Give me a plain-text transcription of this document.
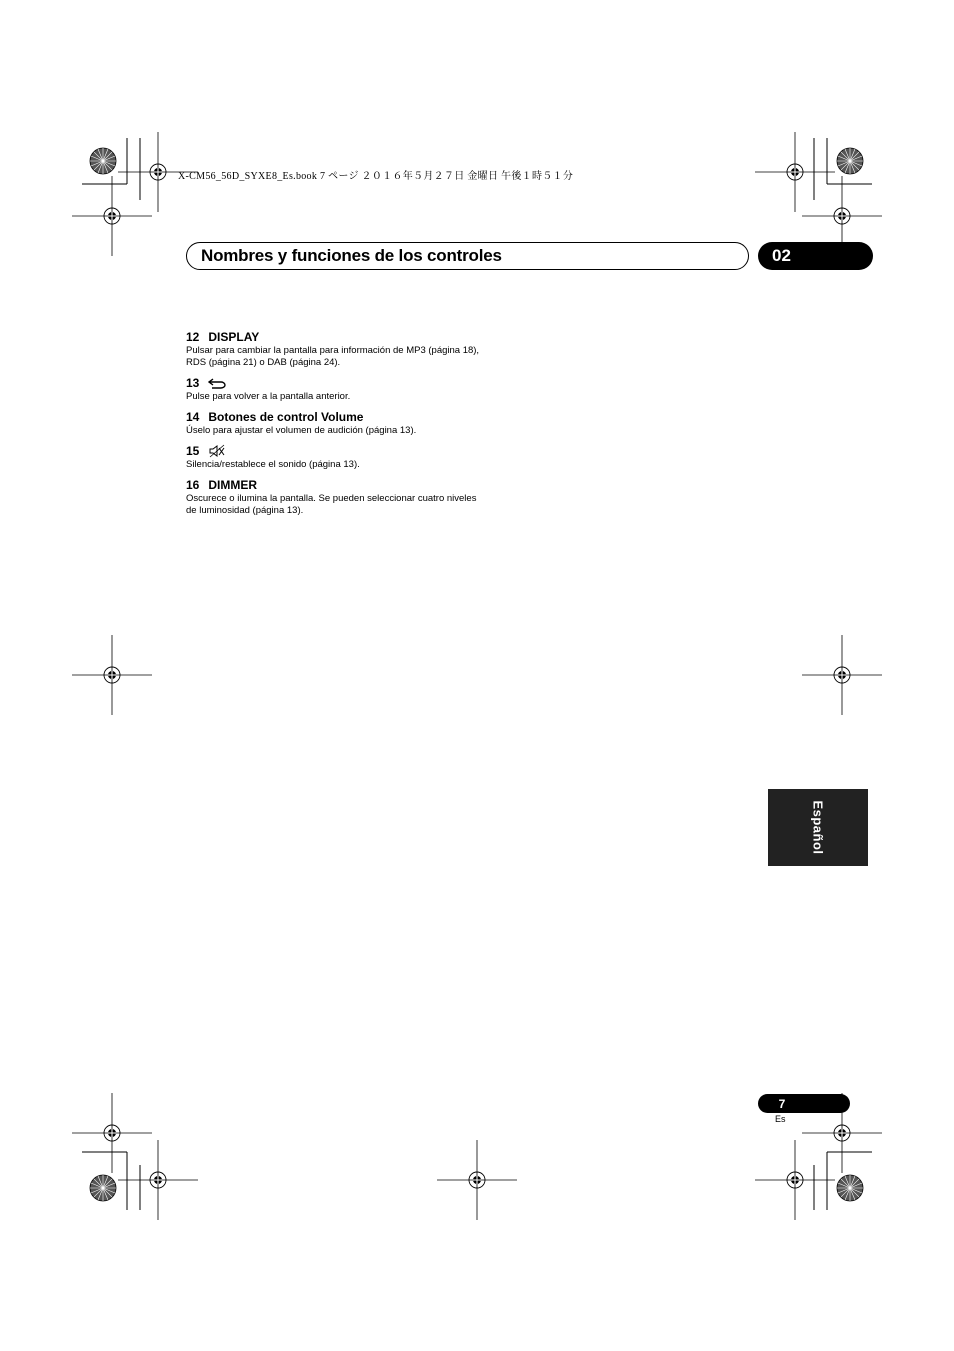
X-CM56_56D_SYXE8_Es.book 7 ページ ２０１６年５月２７日 金曜日 午後１時５１分
Nombres y funciones de los controles	02
12 DISPLAY
Pulsar para cambiar la pantalla para información de MP3 (página 18), RDS (página 21) o DAB (página 24).
13
Pulse para volver a la pantalla anterior.
14 Botones de control Volume
Úselo para ajustar el volumen de audición (página 13).
15
Silencia/restablece el sonido (página 13).
16 DIMMER
Oscurece o ilumina la pantalla. Se pueden seleccionar cuatro niveles de luminosidad (página 13).
Español
7
Es
